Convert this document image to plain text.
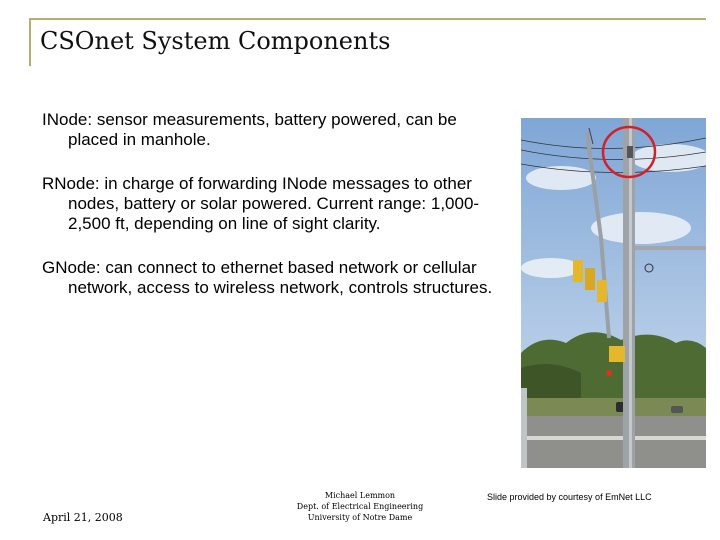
CSOnet System Components

INode: sensor measurements, battery powered, can be placed in manhole.

RNode: in charge of forwarding INode messages to other nodes, battery or solar powered. Current range: 1,000-2,500 ft, depending on line of sight clarity.

GNode: can connect to ethernet based network or cellular network, access to wireless network, controls structures.

April 21, 2008
Michael Lemmon
Dept. of Electrical Engineering
University of Notre Dame
Slide provided by courtesy of EmNet LLC
